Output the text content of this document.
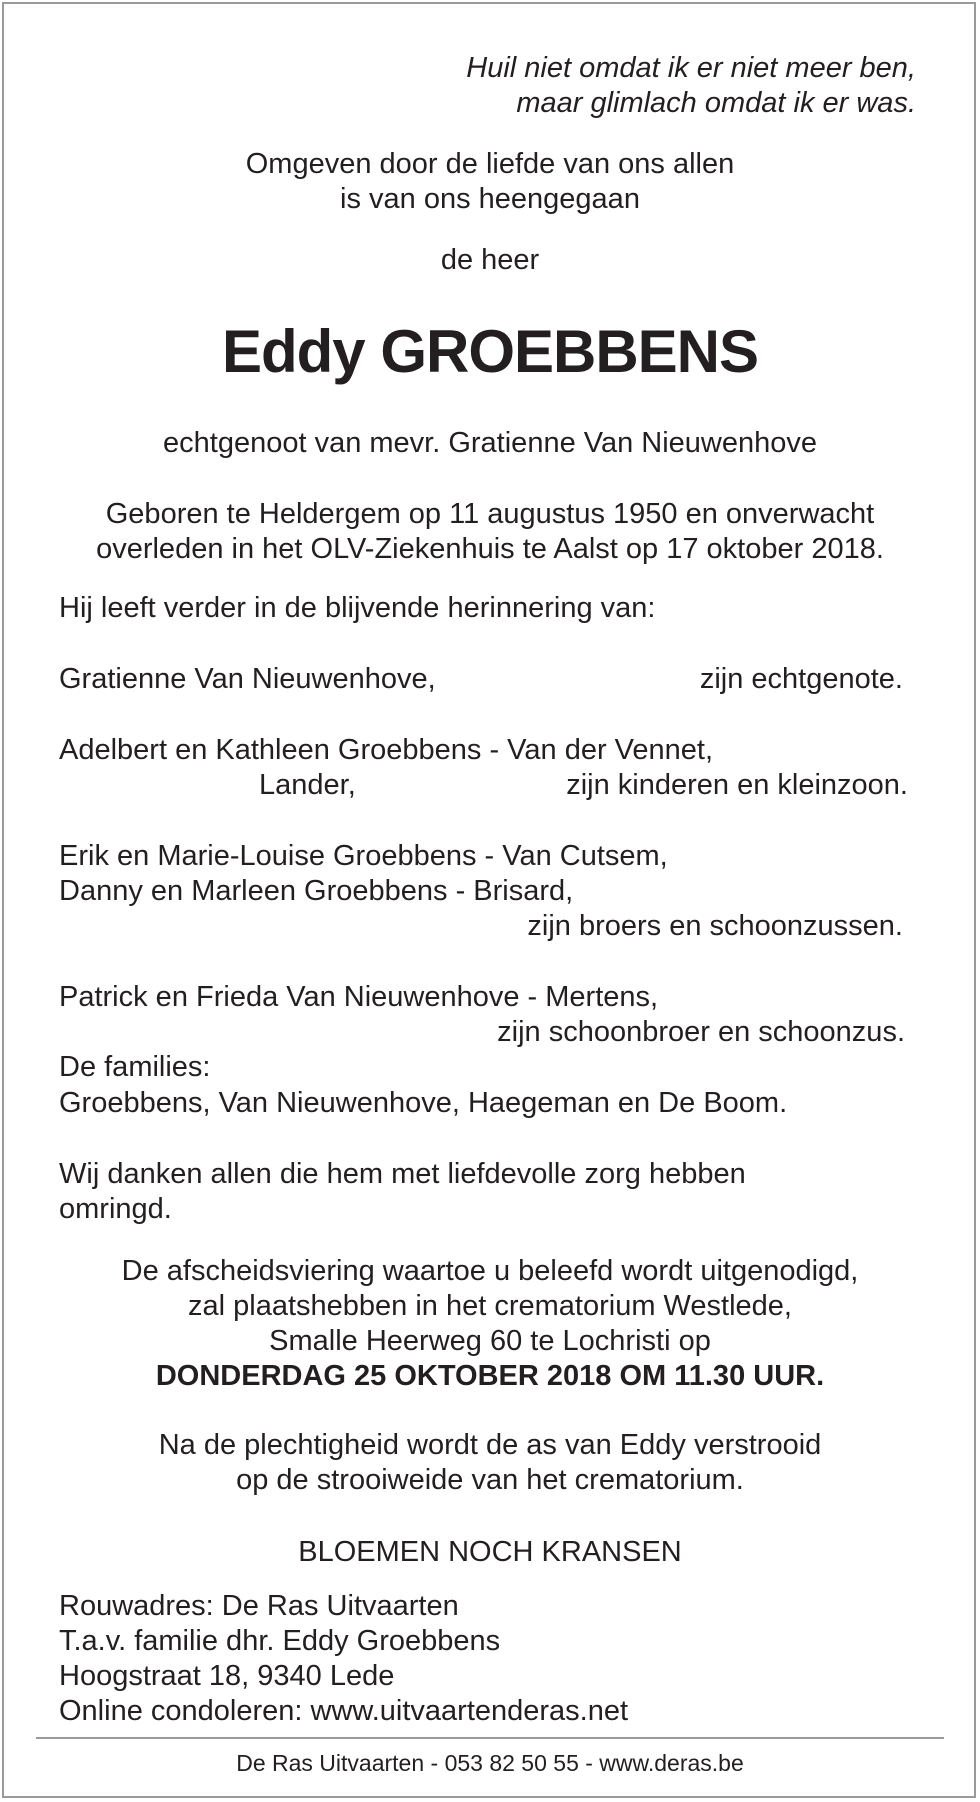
Huil niet omdat ik er niet meer ben,
maar glimlach omdat ik er was.
Omgeven door de liefde van ons allen
is van ons heengegaan
de heer
Eddy GROEBBENS
echtgenoot van mevr. Gratienne Van Nieuwenhove
Geboren te Heldergem op 11 augustus 1950 en onverwacht
overleden in het OLV-Ziekenhuis te Aalst op 17 oktober 2018.
Hij leeft verder in de blijvende herinnering van:
Gratienne Van Nieuwenhove,	zijn echtgenote.
Adelbert en Kathleen Groebbens - Van der Vennet,
Lander,	zijn kinderen en kleinzoon.
Erik en Marie-Louise Groebbens - Van Cutsem,
Danny en Marleen Groebbens - Brisard,
zijn broers en schoonzussen.
Patrick en Frieda Van Nieuwenhove - Mertens,
zijn schoonbroer en schoonzus.
De families:
Groebbens, Van Nieuwenhove, Haegeman en De Boom.
Wij danken allen die hem met liefdevolle zorg hebben
omringd.
De afscheidsviering waartoe u beleefd wordt uitgenodigd,
zal plaatshebben in het crematorium Westlede,
Smalle Heerweg 60 te Lochristi op
DONDERDAG 25 OKTOBER 2018 OM 11.30 UUR.
Na de plechtigheid wordt de as van Eddy verstrooid
op de strooiweide van het crematorium.
BLOEMEN NOCH KRANSEN
Rouwadres: De Ras Uitvaarten
T.a.v. familie dhr. Eddy Groebbens
Hoogstraat 18, 9340 Lede
Online condoleren: www.uitvaartenderas.net
De Ras Uitvaarten - 053 82 50 55 - www.deras.be
